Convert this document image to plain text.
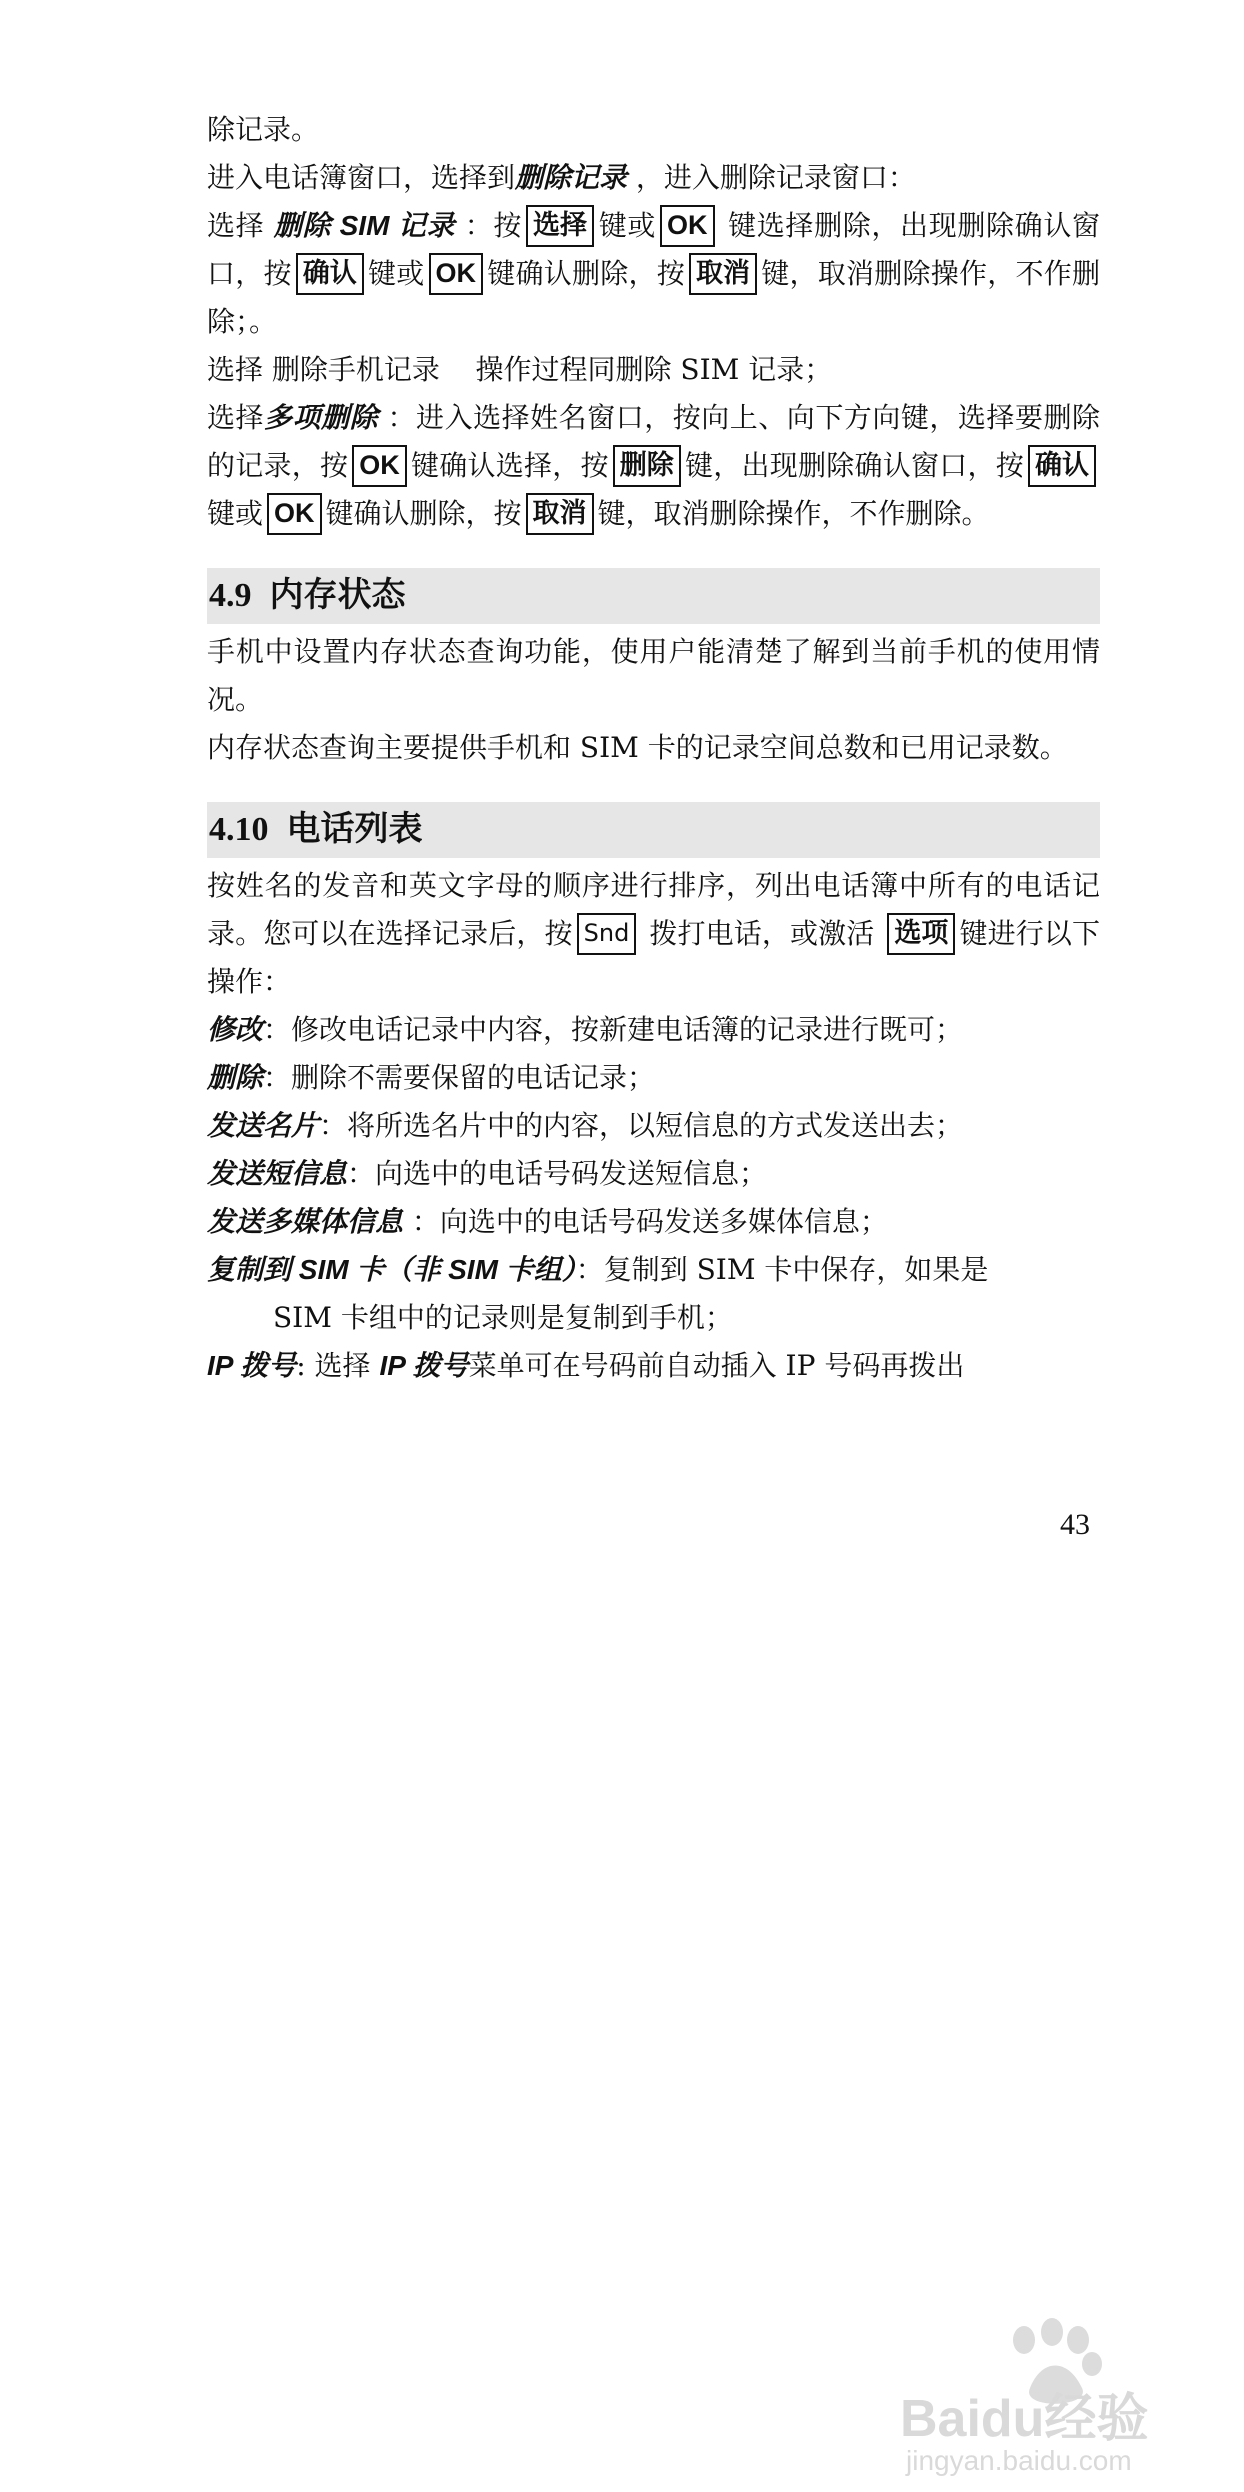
除记录。
进入电话簿窗口，选择到删除记录 ，进入删除记录窗口：
选择 删除 SIM 记录 ：按 选择 键或 OK 键选择删除，出现删除确认窗口，按 确认 键或 OK 键确认删除，按 取消 键，取消删除操作，不作删除；。
选择 删除手机记录    操作过程同删除 SIM 记录；
选择多项删除 ：进入选择姓名窗口，按向上、向下方向键，选择要删除的记录，按 OK 键确认选择，按 删除 键，出现删除确认窗口，按 确认键或 OK 键确认删除，按 取消 键，取消删除操作，不作删除。
4.9 内存状态
手机中设置内存状态查询功能，使用户能清楚了解到当前手机的使用情况。
内存状态查询主要提供手机和 SIM 卡的记录空间总数和已用记录数。
4.10 电话列表
按姓名的发音和英文字母的顺序进行排序，列出电话簿中所有的电话记录。您可以在选择记录后，按 Snd 拨打电话，或激活 选项 键进行以下操作：
修改：修改电话记录中内容，按新建电话簿的记录进行既可；
删除：删除不需要保留的电话记录；
发送名片：将所选名片中的内容，以短信息的方式发送出去；
发送短信息：向选中的电话号码发送短信息；
发送多媒体信息 ：向选中的电话号码发送多媒体信息；
复制到 SIM 卡（非 SIM 卡组）：复制到 SIM 卡中保存，如果是
SIM 卡组中的记录则是复制到手机；
IP 拨号: 选择 IP 拨号菜单可在号码前自动插入 IP 号码再拨出
43
Baidu经验
jingyan.baidu.com
